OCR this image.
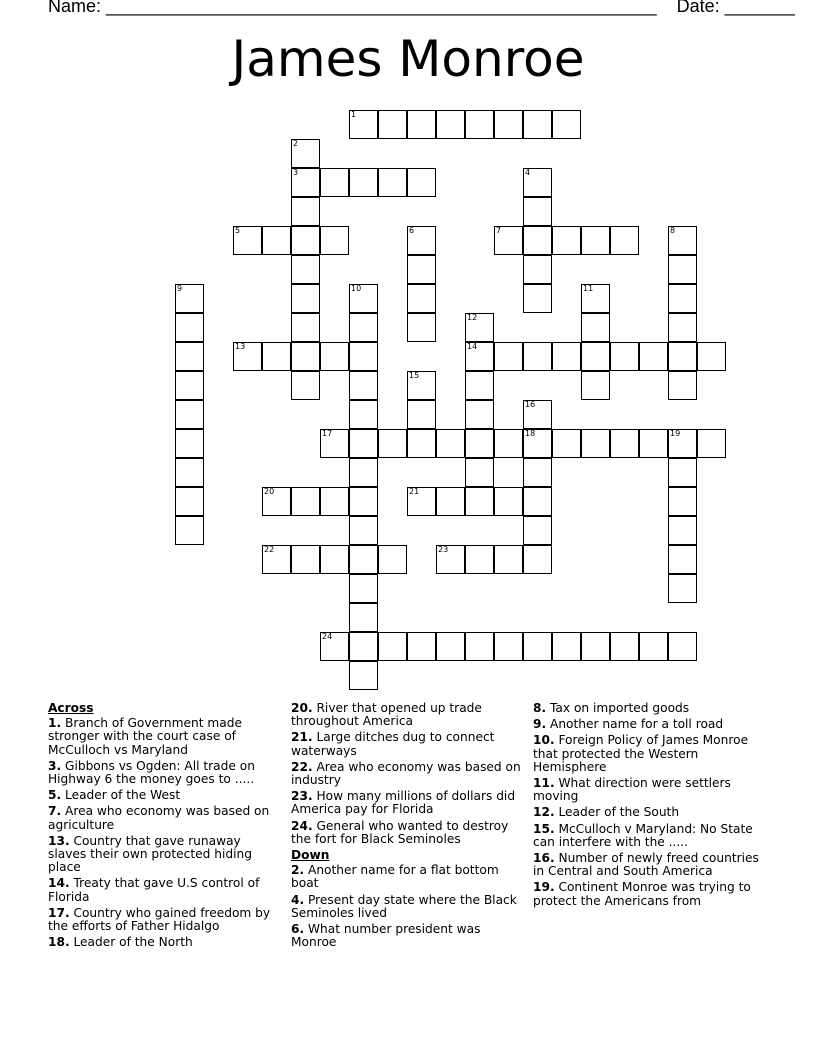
Name: _______________________________________________________ Date: _______
James Monroe
1
2
3	4
5	6	7	8
9	10	11
12
14
13
15
16
18
17	19
20	21
22	23
24
Across
1. Branch of Government made stronger with the court case of McCulloch vs Maryland
3. Gibbons vs Ogden: All trade on Highway 6 the money goes to .....
5. Leader of the West
7. Area who economy was based on agriculture
13. Country that gave runaway slaves their own protected hiding place
14. Treaty that gave U.S control of Florida
17. Country who gained freedom by the efforts of Father Hidalgo
18. Leader of the North
20. River that opened up trade throughout America
21. Large ditches dug to connect waterways
22. Area who economy was based on industry
23. How many millions of dollars did America pay for Florida
24. General who wanted to destroy the fort for Black Seminoles
Down
2. Another name for a flat bottom boat
4. Present day state where the Black Seminoles lived
6. What number president was Monroe
8. Tax on imported goods
9. Another name for a toll road
10. Foreign Policy of James Monroe that protected the Western Hemisphere
11. What direction were settlers moving
12. Leader of the South
15. McCulloch v Maryland: No State can interfere with the .....
16. Number of newly freed countries in Central and South America
19. Continent Monroe was trying to protect the Americans from
